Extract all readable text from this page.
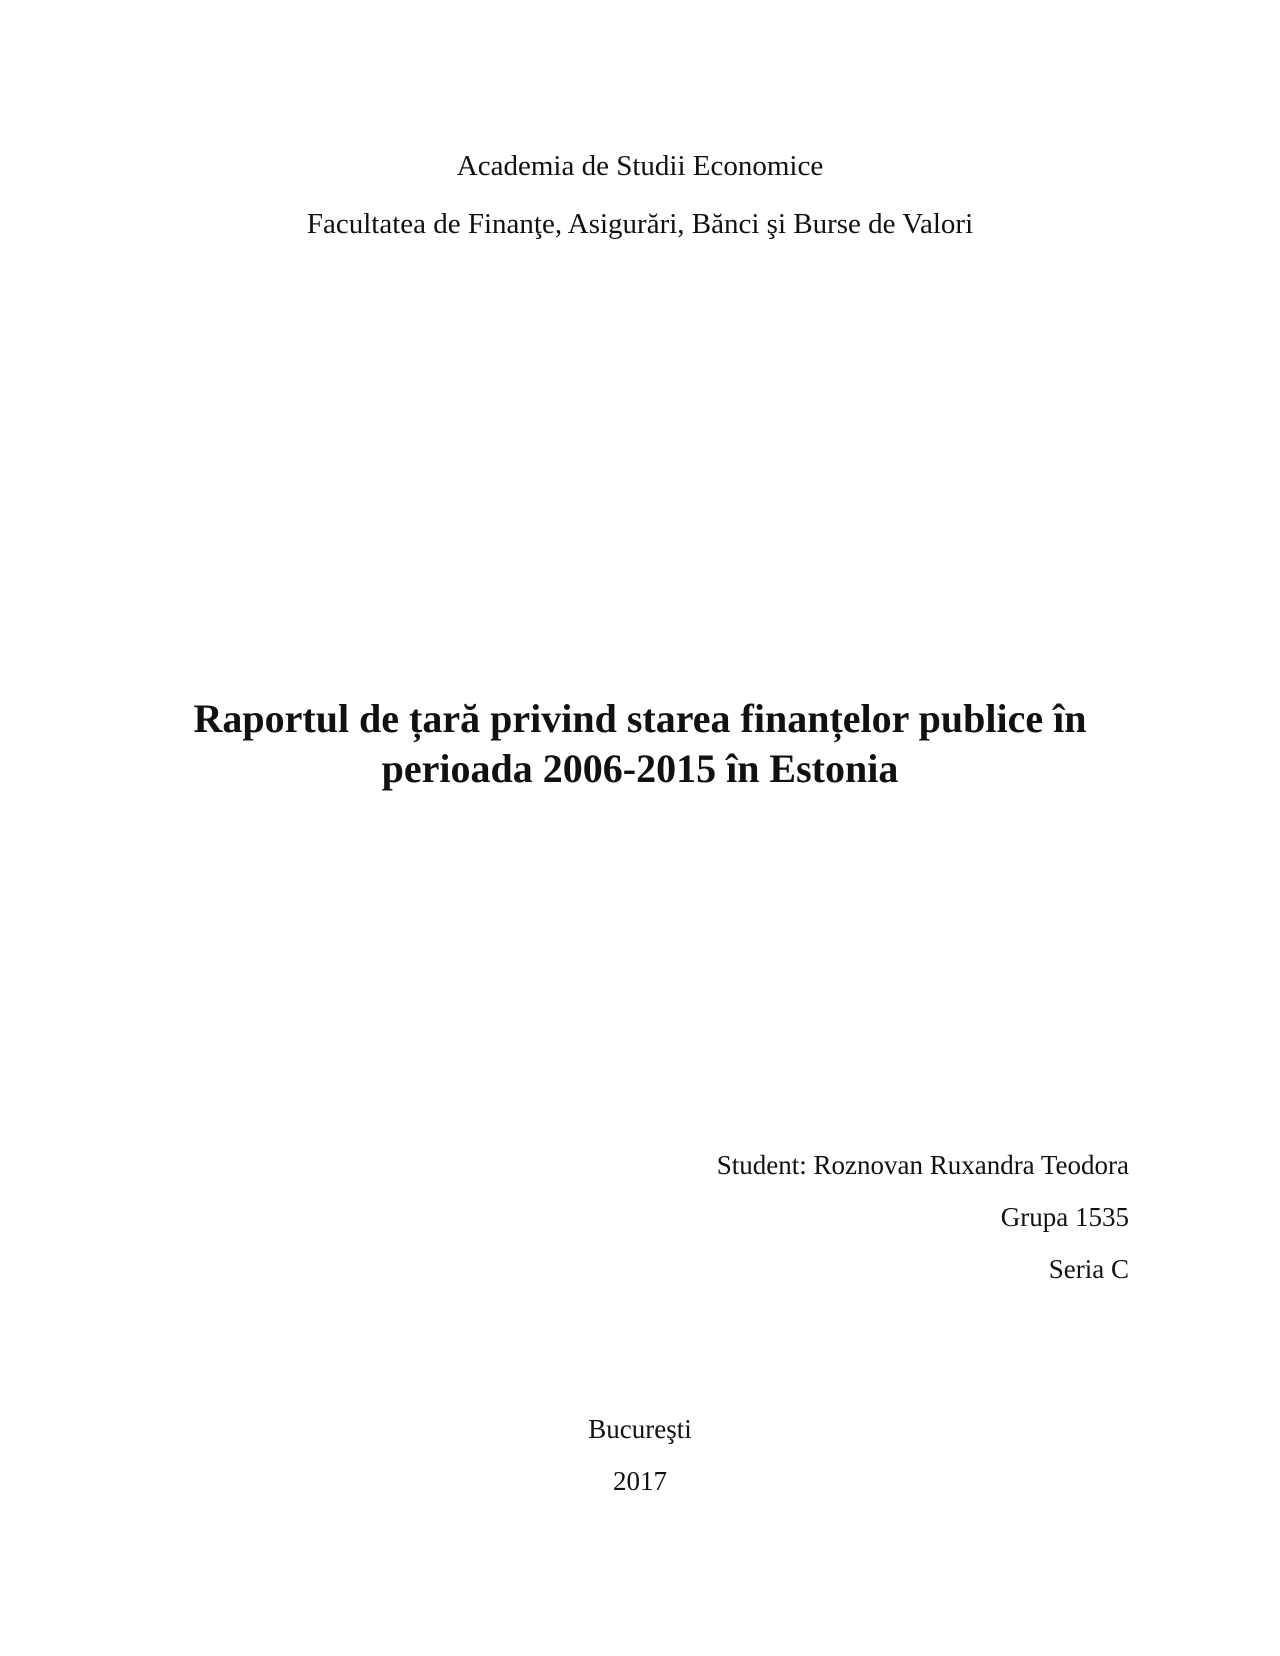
Academia de Studii Economice
Facultatea de Finanţe, Asigurări, Bănci şi Burse de Valori
Raportul de țară privind starea finanțelor publice în perioada 2006-2015 în Estonia
Student: Roznovan Ruxandra Teodora
Grupa 1535
Seria C
Bucureşti
2017
